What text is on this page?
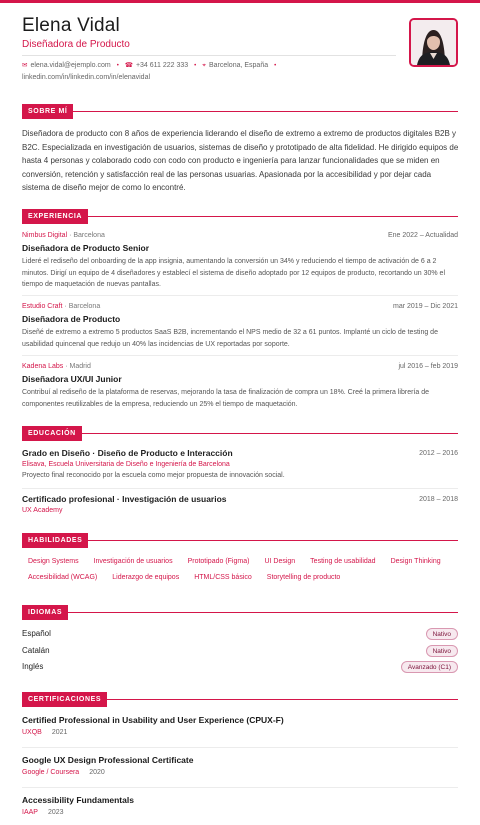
Elena Vidal
Diseñadora de Producto
✉ elena.vidal@ejemplo.com • ☎ +34 611 222 333 • ⌖ Barcelona, España •

linkedin.com/in/linkedin.com/in/elenavidal
SOBRE MÍ

Diseñadora de producto con 8 años de experiencia liderando el diseño de extremo a extremo de productos digitales B2B y B2C. Especializada en investigación de usuarios, sistemas de diseño y prototipado de alta fidelidad. He dirigido equipos de hasta 4 personas y colaborado codo con codo con producto e ingeniería para lanzar funcionalidades que se miden en conversión, retención y satisfacción real de las personas usuarias. Apasionada por la accesibilidad y por dejar cada sistema de diseño mejor de como lo encontré.

EXPERIENCIA
Nimbus Digital · Barcelona	Ene 2022 – Actualidad
Diseñadora de Producto Senior
Lideré el rediseño del onboarding de la app insignia, aumentando la conversión un 34% y reduciendo el tiempo de activación de 6 a 2 minutos. Dirigí un equipo de 4 diseñadores y establecí el sistema de diseño adoptado por 12 equipos de producto, recortando un 30% el tiempo de maquetación de nuevas pantallas.
Estudio Craft · Barcelona	mar 2019 – Dic 2021
Diseñadora de Producto
Diseñé de extremo a extremo 5 productos SaaS B2B, incrementando el NPS medio de 32 a 61 puntos. Implanté un ciclo de testing de usabilidad quincenal que redujo un 40% las incidencias de UX reportadas por soporte.
Kadena Labs · Madrid	jul 2016 – feb 2019
Diseñadora UX/UI Junior
Contribuí al rediseño de la plataforma de reservas, mejorando la tasa de finalización de compra un 18%. Creé la primera librería de componentes reutilizables de la empresa, reduciendo un 25% el tiempo de maquetación.
EDUCACIÓN
Grado en Diseño · Diseño de Producto e Interacción	2012 – 2016
Elisava, Escuela Universitaria de Diseño e Ingeniería de Barcelona
Proyecto final reconocido por la escuela como mejor propuesta de innovación social.
Certificado profesional · Investigación de usuarios	2018 – 2018
UX Academy
HABILIDADES
Design Systems	Investigación de usuarios	Prototipado (Figma)	UI Design	Testing de usabilidad	Design Thinking
Accesibilidad (WCAG)	Liderazgo de equipos	HTML/CSS básico	Storytelling de producto
IDIOMAS
Español	Nativo
Catalán	Nativo
Inglés	Avanzado (C1)
CERTIFICACIONES
Certified Professional in Usability and User Experience (CPUX-F)
UXQB 2021
Google UX Design Professional Certificate
Google / Coursera 2020
Accessibility Fundamentals
IAAP 2023
